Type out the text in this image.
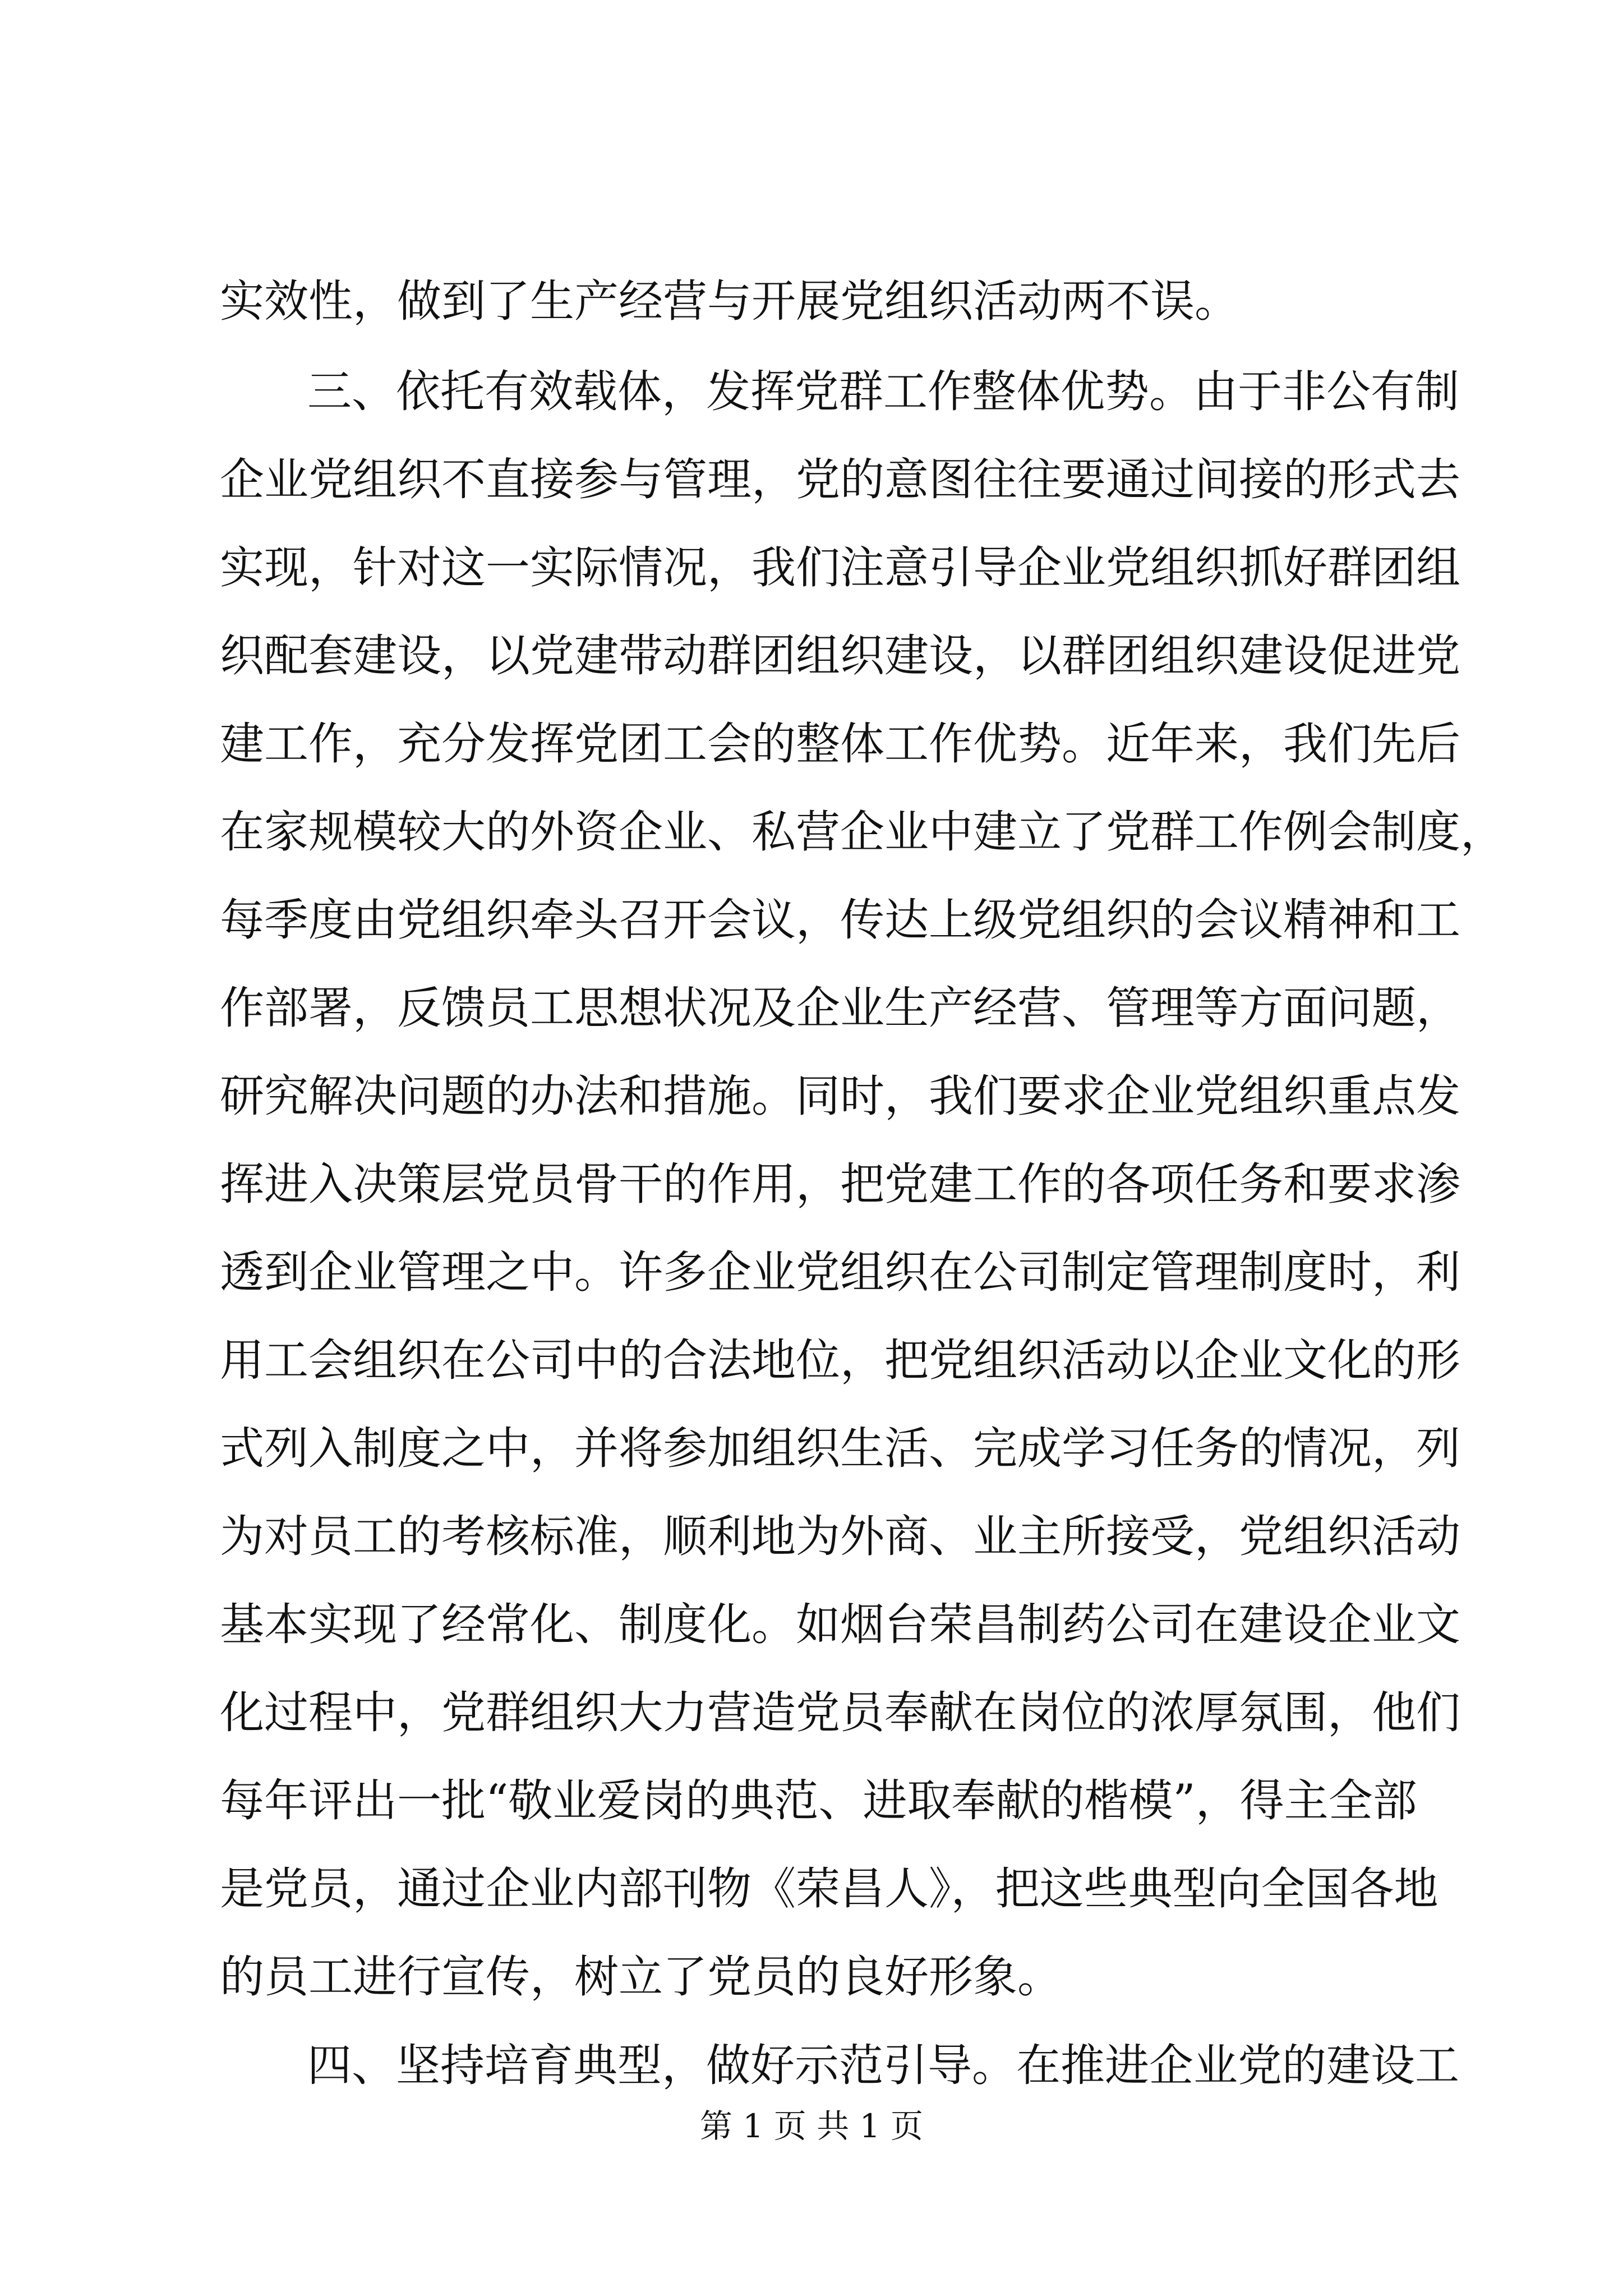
实效性，做到了生产经营与开展党组织活动两不误。
三、依托有效载体，发挥党群工作整体优势。由于非公有制
企业党组织不直接参与管理，党的意图往往要通过间接的形式去
实现，针对这一实际情况，我们注意引导企业党组织抓好群团组
织配套建设，以党建带动群团组织建设，以群团组织建设促进党
建工作，充分发挥党团工会的整体工作优势。近年来，我们先后
在家规模较大的外资企业、私营企业中建立了党群工作例会制度，
每季度由党组织牵头召开会议，传达上级党组织的会议精神和工
作部署，反馈员工思想状况及企业生产经营、管理等方面问题，
研究解决问题的办法和措施。同时，我们要求企业党组织重点发
挥进入决策层党员骨干的作用，把党建工作的各项任务和要求渗
透到企业管理之中。许多企业党组织在公司制定管理制度时，利
用工会组织在公司中的合法地位，把党组织活动以企业文化的形
式列入制度之中，并将参加组织生活、完成学习任务的情况，列
为对员工的考核标准，顺利地为外商、业主所接受，党组织活动
基本实现了经常化、制度化。如烟台荣昌制药公司在建设企业文
化过程中，党群组织大力营造党员奉献在岗位的浓厚氛围，他们
每年评出一批“敬业爱岗的典范、进取奉献的楷模”，得主全部
是党员，通过企业内部刊物《荣昌人》，把这些典型向全国各地
的员工进行宣传，树立了党员的良好形象。
四、坚持培育典型，做好示范引导。在推进企业党的建设工
第 1 页 共 1 页
